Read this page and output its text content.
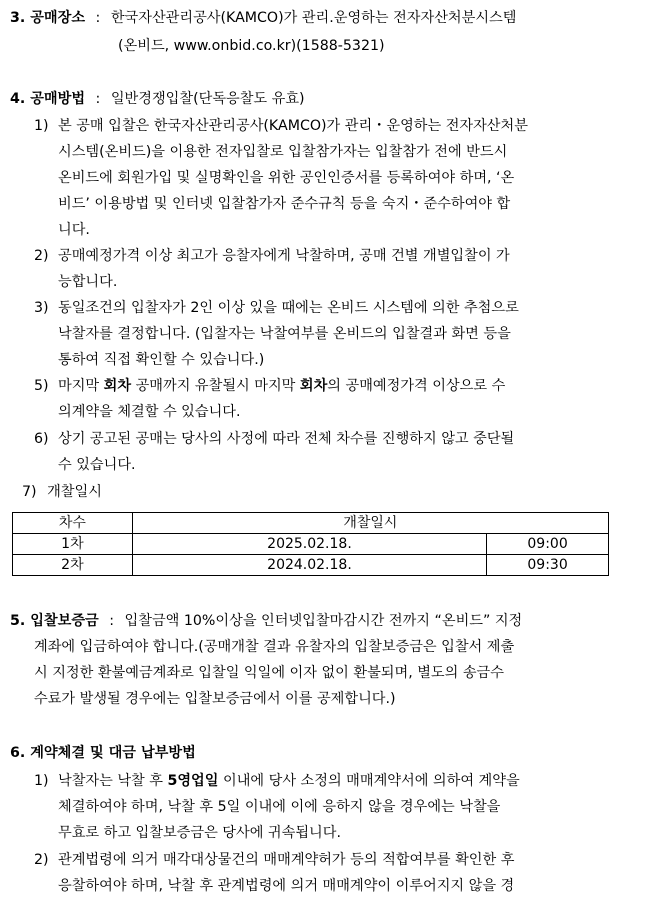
3. 공매장소 : 한국자산관리공사(KAMCO)가 관리.운영하는 전자자산처분시스템
(온비드, www.onbid.co.kr)(1588-5321)
4. 공매방법 : 일반경쟁입찰(단독응찰도 유효)
1) 본 공매 입찰은 한국자산관리공사(KAMCO)가 관리・운영하는 전자자산처분
시스템(온비드)을 이용한 전자입찰로 입찰참가자는 입찰참가 전에 반드시
온비드에 회원가입 및 실명확인을 위한 공인인증서를 등록하여야 하며, ‘온
비드’ 이용방법 및 인터넷 입찰참가자 준수규칙 등을 숙지・준수하여야 합
니다.
2) 공매예정가격 이상 최고가 응찰자에게 낙찰하며, 공매 건별 개별입찰이 가
능합니다.
3) 동일조건의 입찰자가 2인 이상 있을 때에는 온비드 시스템에 의한 추첨으로
낙찰자를 결정합니다. (입찰자는 낙찰여부를 온비드의 입찰결과 화면 등을
통하여 직접 확인할 수 있습니다.)
5) 마지막 회차 공매까지 유찰될시 마지막 회차의 공매예정가격 이상으로 수
의계약을 체결할 수 있습니다.
6) 상기 공고된 공매는 당사의 사정에 따라 전체 차수를 진행하지 않고 중단될
수 있습니다.
7) 개찰일시
차수	개찰일시	
1차	2025.02.18.	09:00
2차	2024.02.18.	09:30
5. 입찰보증금 : 입찰금액 10%이상을 인터넷입찰마감시간 전까지 “온비드” 지정
계좌에 입금하여야 합니다.(공매개찰 결과 유찰자의 입찰보증금은 입찰서 제출
시 지정한 환불예금계좌로 입찰일 익일에 이자 없이 환불되며, 별도의 송금수
수료가 발생될 경우에는 입찰보증금에서 이를 공제합니다.)
6. 계약체결 및 대금 납부방법
1) 낙찰자는 낙찰 후 5영업일 이내에 당사 소정의 매매계약서에 의하여 계약을
체결하여야 하며, 낙찰 후 5일 이내에 이에 응하지 않을 경우에는 낙찰을
무효로 하고 입찰보증금은 당사에 귀속됩니다.
2) 관계법령에 의거 매각대상물건의 매매계약허가 등의 적합여부를 확인한 후
응찰하여야 하며, 낙찰 후 관계법령에 의거 매매계약이 이루어지지 않을 경
